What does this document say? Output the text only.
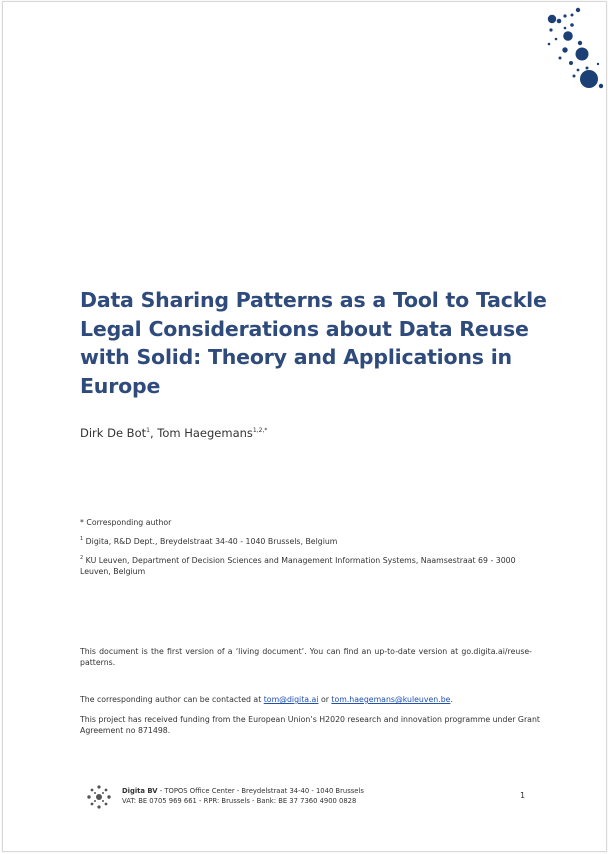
Data Sharing Patterns as a Tool to Tackle Legal Considerations about Data Reuse with Solid: Theory and Applications in Europe
Dirk De Bot$^1$, Tom Haegemans$^{1,2,*}$
* Corresponding author
$^1$ Digita, R&D Dept., Breydelstraat 34-40 - 1040 Brussels, Belgium
$^2$ KU Leuven, Department of Decision Sciences and Management Information Systems, Naamsestraat 69 - 3000 Leuven, Belgium
This document is the first version of a ‘living document’. You can find an up-to-date version at go.digita.ai/reuse-patterns.
The corresponding author can be contacted at tom@digita.ai or tom.haegemans@kuleuven.be.
This project has received funding from the European Union’s H2020 research and innovation programme under Grant Agreement no 871498.
Digita BV - TOPOS Office Center - Breydelstraat 34-40 - 1040 Brussels
VAT: BE 0705 969 661 - RPR: Brussels - Bank: BE 37 7360 4900 0828
1
